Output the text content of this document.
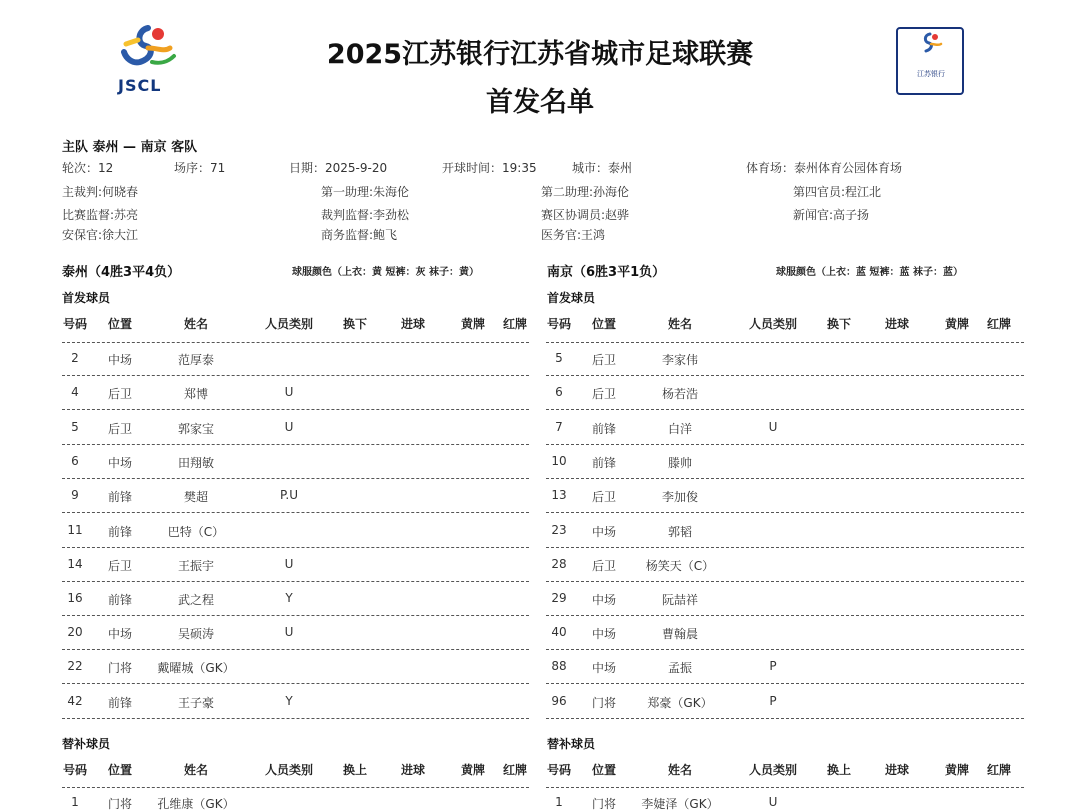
2025江苏银行江苏省城市足球联赛
首发名单
JSCL
江苏银行
主队 泰州 — 南京 客队
轮次：12	场序：71	日期：2025-9-20	开球时间：19:35	城市：泰州	体育场：泰州体育公园体育场
主裁判:何晓春	第一助理:朱海伦	第二助理:孙海伦	第四官员:程江北
比赛监督:苏亮	裁判监督:李劲松	赛区协调员:赵骅	新闻官:高子扬
安保官:徐大江	商务监督:鲍飞	医务官:王鸿
泰州（4胜3平4负）	球服颜色（上衣：黄 短裤：灰 袜子：黄）	南京（6胜3平1负）	球服颜色（上衣：蓝 短裤：蓝 袜子：蓝）
首发球员	首发球员
替补球员	替补球员
号码	位置	姓名	人员类别	换下	进球	黄牌	红牌
2	中场	范厚泰
4	后卫	郑博	U
5	后卫	郭家宝	U
6	中场	田翔敏
9	前锋	樊超	P.U
11	前锋	巴特（C）
14	后卫	王振宇	U
16	前锋	武之程	Y
20	中场	吴硕涛	U
22	门将	戴曜城（GK）
42	前锋	王子豪	Y
号码	位置	姓名	人员类别	换上	进球	黄牌	红牌
1	门将	孔维康（GK）
号码	位置	姓名	人员类别	换下	进球	黄牌	红牌
5	后卫	李家伟
6	后卫	杨若浩
7	前锋	白洋	U
10	前锋	滕帅
13	后卫	李加俊
23	中场	郭韬
28	后卫	杨笑天（C）
29	中场	阮喆祥
40	中场	曹翰晨
88	中场	孟振	P
96	门将	郑豪（GK）	P
号码	位置	姓名	人员类别	换上	进球	黄牌	红牌
1	门将	李婕泽（GK）	U
